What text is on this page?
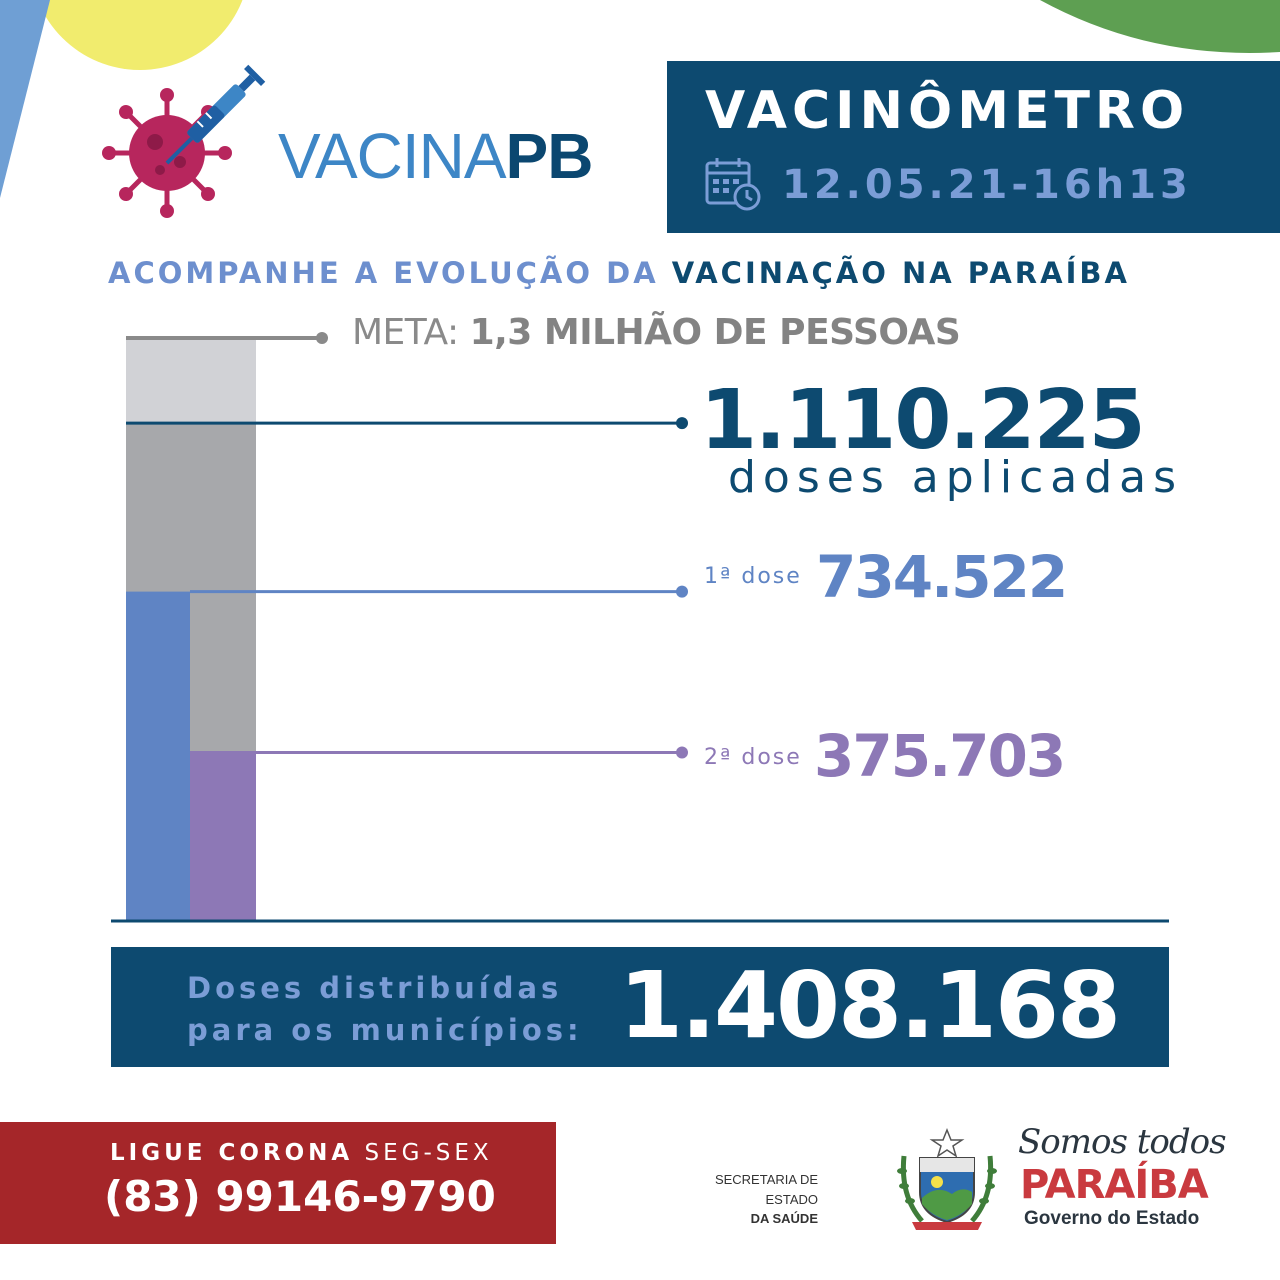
VACINAPB
VACINÔMETRO
12.05.21-16h13
ACOMPANHE A EVOLUÇÃO DA VACINAÇÃO NA PARAÍBA
META: 1,3 MILHÃO DE PESSOAS
1.110.225
doses aplicadas
1ª dose 734.522
2ª dose 375.703
Doses distribuídas
para os municípios: 1.408.168
LIGUE CORONA SEG-SEX
(83) 99146-9790	SECRETARIA DE ESTADO
DA SAÚDE
Somos todos
PARAÍBA
Governo do Estado
